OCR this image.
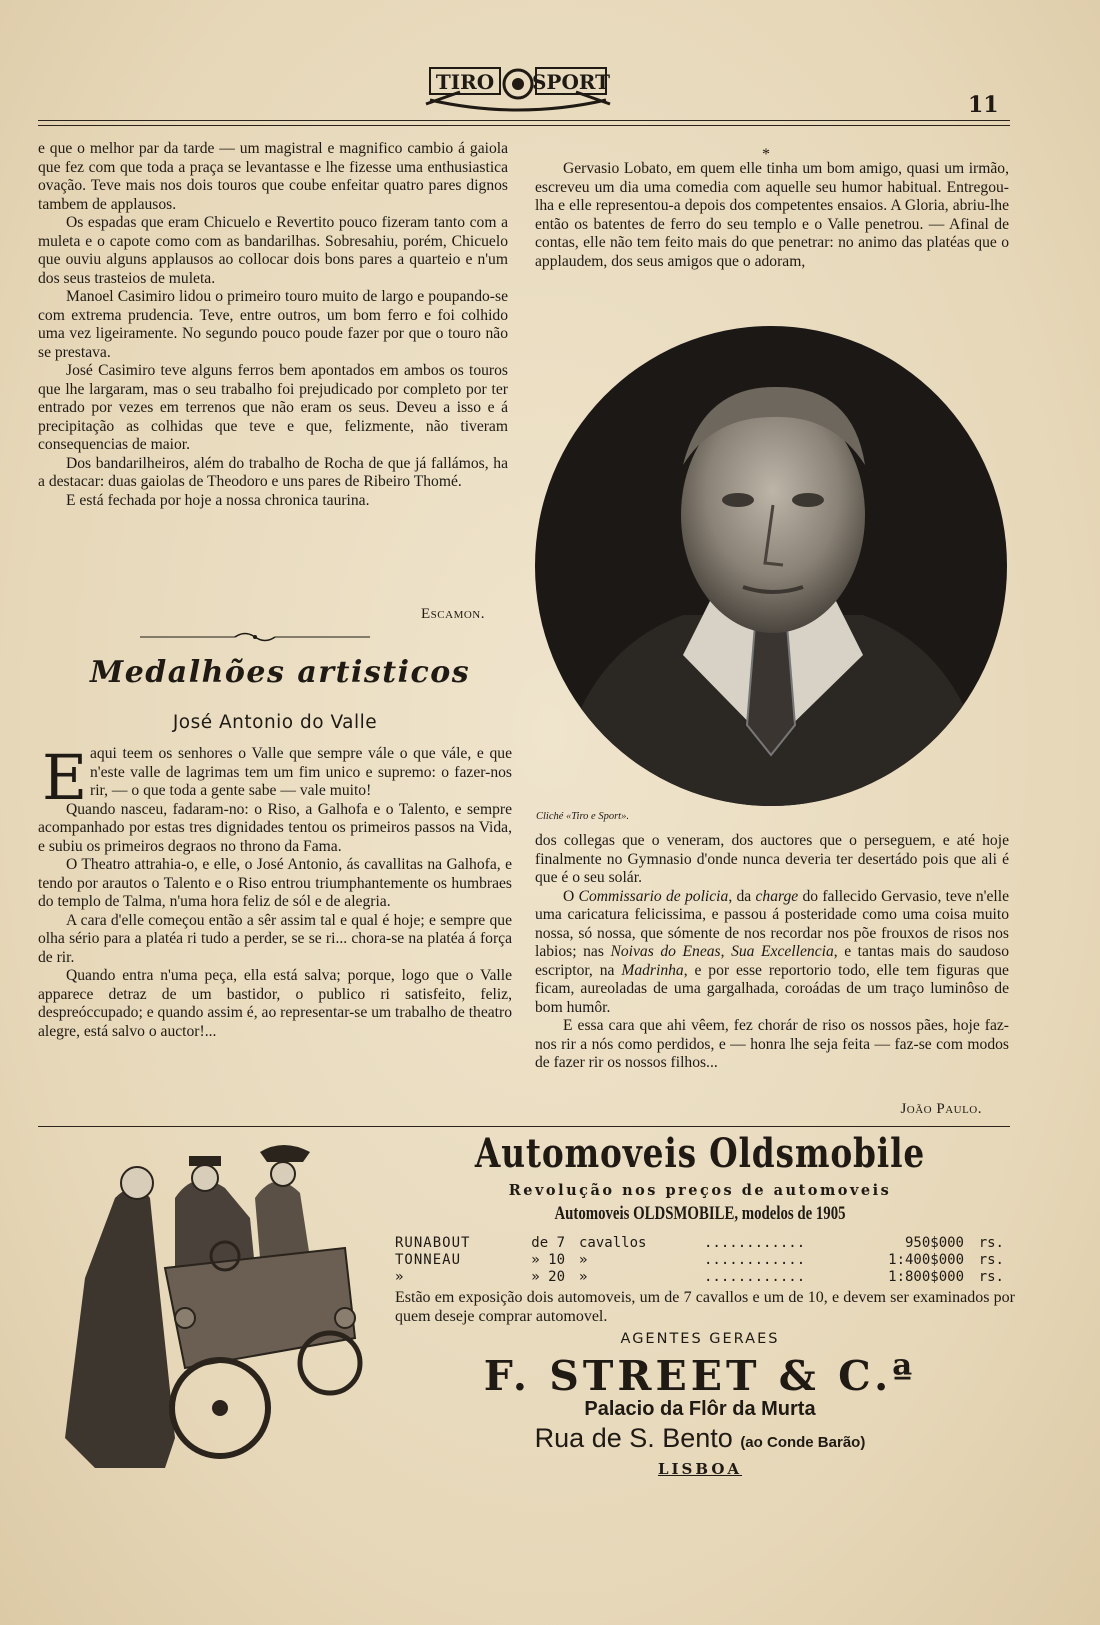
TIRO SPORT
TIRO SPORT	11

e que o melhor par da tarde — um magistral e magnifico cambio á gaiola que fez com que toda a praça se levantasse e lhe fizesse uma enthusiastica ovação. Teve mais nos dois touros que coube enfeitar quatro pares dignos tambem de applausos.

Os espadas que eram Chicuelo e Revertito pouco fizeram tanto com a muleta e o capote como com as bandarilhas. Sobresahiu, porém, Chicuelo que ouviu alguns applausos ao collocar dois bons pares a quarteio e n'um dos seus trasteios de muleta.

Manoel Casimiro lidou o primeiro touro muito de largo e poupando-se com extrema prudencia. Teve, entre outros, um bom ferro e foi colhido uma vez ligeiramente. No segundo pouco poude fazer por que o touro não se prestava.

José Casimiro teve alguns ferros bem apontados em ambos os touros que lhe largaram, mas o seu trabalho foi prejudicado por completo por ter entrado por vezes em terrenos que não eram os seus. Deveu a isso e á precipitação as colhidas que teve e que, felizmente, não tiveram consequencias de maior.

Dos bandarilheiros, além do trabalho de Rocha de que já fallámos, ha a destacar: duas gaiolas de Theodoro e uns pares de Ribeiro Thomé.

E está fechada por hoje a nossa chronica taurina.

Escamon.
Medalhões artisticos
José Antonio do Valle

aqui teem os senhores o Valle que sempre vále o que vále, e que n'este valle de lagrimas tem um fim unico e supremo: o fazer-nos rir, — o que toda a gente sabe — vale muito!

Quando nasceu, fadaram-no: o Riso, a Galhofa e o Talento, e sempre acompanhado por estas tres dignidades tentou os primeiros passos na Vida, e subiu os primeiros degraos no throno da Fama.

O Theatro attrahia-o, e elle, o José Antonio, ás cavallitas na Galhofa, e tendo por arautos o Talento e o Riso entrou triumphantemente os humbraes do templo de Talma, n'uma hora feliz de sól e de alegria.

A cara d'elle começou então a sêr assim tal e qual é hoje; e sempre que olha sério para a platéa ri tudo a perder, se se ri... chora-se na platéa á força de rir.

Quando entra n'uma peça, ella está salva; porque, logo que o Valle apparece detraz de um bastidor, o publico ri satisfeito, feliz, despreóccupado; e quando assim é, ao representar-se um trabalho de theatro alegre, está salvo o auctor!...

E
*

Gervasio Lobato, em quem elle tinha um bom amigo, quasi um irmão, escreveu um dia uma comedia com aquelle seu humor habitual. Entregou-lha e elle representou-a depois dos competentes ensaios. A Gloria, abriu-lhe então os batentes de ferro do seu templo e o Valle penetrou. — Afinal de contas, elle não tem feito mais do que penetrar: no animo das platéas que o applaudem, dos seus amigos que o adoram,

Cliché «Tiro e Sport».

dos collegas que o veneram, dos auctores que o perseguem, e até hoje finalmente no Gymnasio d'onde nunca deveria ter desertádo pois que ali é que é o seu solár.

O Commissario de policia, da charge do fallecido Gervasio, teve n'elle uma caricatura felicissima, e passou á posteridade como uma coisa muito nossa, só nossa, que sómente de nos recordar nos põe frouxos de risos nos labios; nas Noivas do Eneas, Sua Excellencia, e tantas mais do saudoso escriptor, na Madrinha, e por esse reportorio todo, elle tem figuras que ficam, aureoladas de uma gargalhada, coroádas de um traço luminôso de bom humôr.

E essa cara que ahi vêem, fez chorár de riso os nossos pães, hoje faz-nos rir a nós como perdidos, e — honra lhe seja feita — faz-se com modos de fazer rir os nossos filhos...

João Paulo.
Automoveis Oldsmobile
Revolução nos preços de automoveis
Automoveis OLDSMOBILE, modelos de 1905
RUNABOUT	de 7	cavallos	............	950$000	rs.
TONNEAU	» 10	»	............	1:400$000	rs.
»	» 20	»	............	1:800$000	rs.
Estão em exposição dois automoveis, um de 7 cavallos e um de 10, e devem ser examinados por quem deseje comprar automovel.
AGENTES GERAES
F. STREET & C.ª
Palacio da Flôr da Murta
Rua de S. Bento (ao Conde Barão)
LISBOA
